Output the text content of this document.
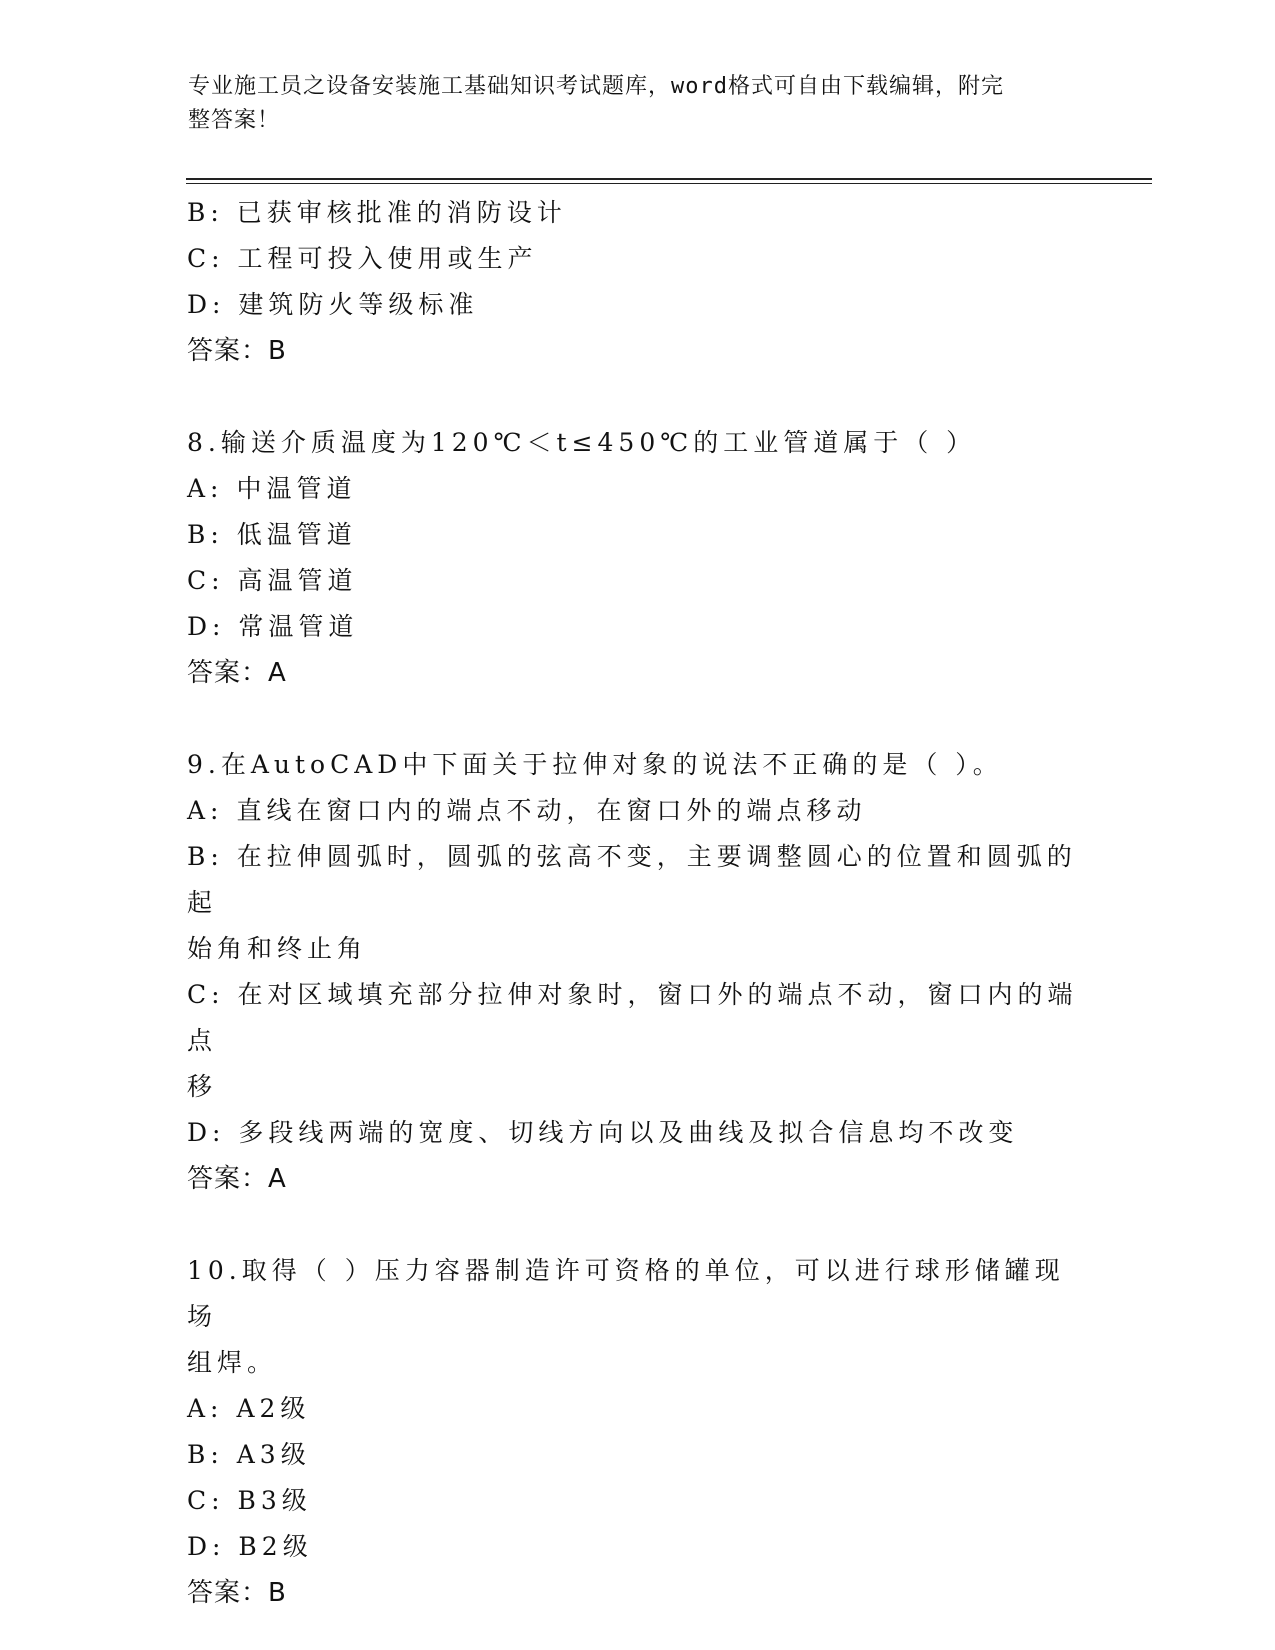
专业施工员之设备安装施工基础知识考试题库，word格式可自由下载编辑，附完
整答案！
B: 已获审核批准的消防设计
C: 工程可投入使用或生产
D: 建筑防火等级标准
答案：B
8.输送介质温度为120℃＜t≤450℃的工业管道属于（ ）
A: 中温管道
B: 低温管道
C: 高温管道
D: 常温管道
答案：A
9.在AutoCAD中下面关于拉伸对象的说法不正确的是（ ）。
A: 直线在窗口内的端点不动，在窗口外的端点移动
B: 在拉伸圆弧时，圆弧的弦高不变，主要调整圆心的位置和圆弧的起
始角和终止角
C: 在对区域填充部分拉伸对象时，窗口外的端点不动，窗口内的端点
移
D: 多段线两端的宽度、切线方向以及曲线及拟合信息均不改变
答案：A
10.取得（ ）压力容器制造许可资格的单位，可以进行球形储罐现场
组焊。
A: A2级
B: A3级
C: B3级
D: B2级
答案：B
